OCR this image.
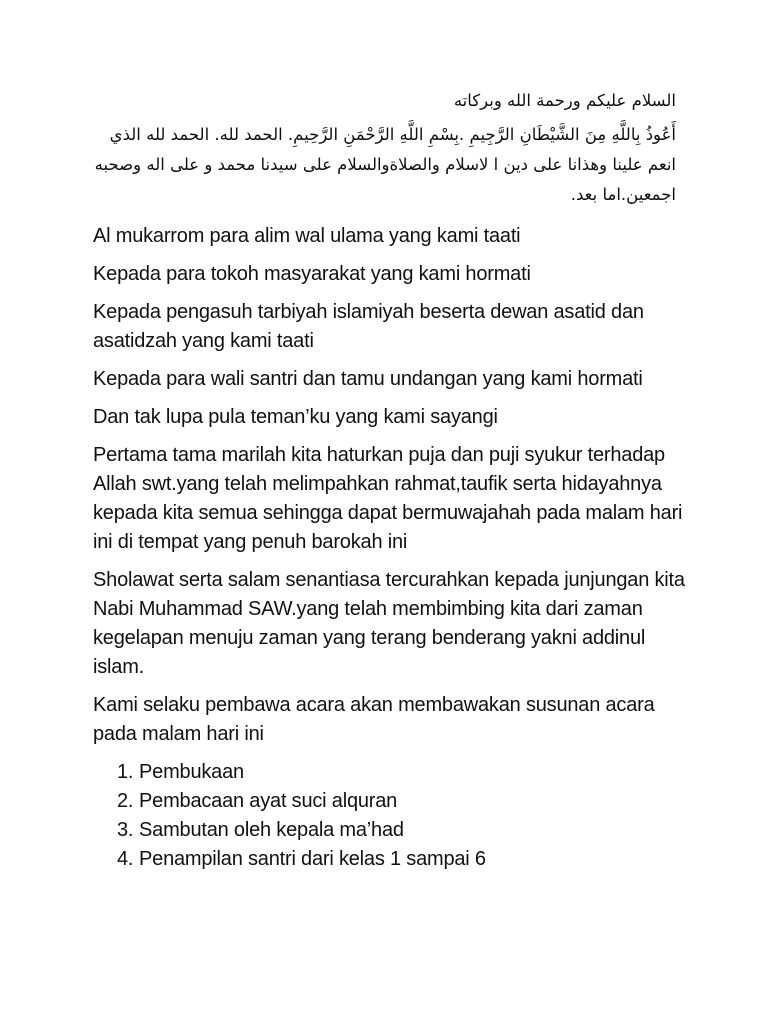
السلام عليكم ورحمة الله وبركاته

أَعُوذُ بِاللَّهِ مِنَ الشَّيْطَانِ الرَّجِيمِ .بِسْمِ اللَّهِ الرَّحْمَنِ الرَّحِيمِ. الحمد لله. الحمد لله الذي انعم علينا وهذانا على دين ا لاسلام والصلاةوالسلام على سيدنا محمد و على اله وصحبه اجمعين.اما بعد.

Al mukarrom para alim wal ulama yang kami taati

Kepada para tokoh masyarakat yang kami hormati

Kepada pengasuh tarbiyah islamiyah beserta dewan asatid dan asatidzah yang kami taati

Kepada para wali santri dan tamu undangan yang kami hormati

Dan tak lupa pula teman’ku yang kami sayangi

Pertama tama marilah kita haturkan puja dan puji syukur terhadap Allah swt.yang telah melimpahkan rahmat,taufik serta hidayahnya kepada kita semua sehingga dapat bermuwajahah pada malam hari ini di tempat yang penuh barokah ini

Sholawat serta salam senantiasa tercurahkan kepada junjungan kita Nabi Muhammad SAW.yang telah membimbing kita dari zaman kegelapan menuju zaman yang terang benderang yakni addinul islam.

Kami selaku pembawa acara akan membawakan susunan acara pada malam hari ini

1. Pembukaan
2. Pembacaan ayat suci alquran
3. Sambutan oleh kepala ma’had
4. Penampilan santri dari kelas 1 sampai 6
